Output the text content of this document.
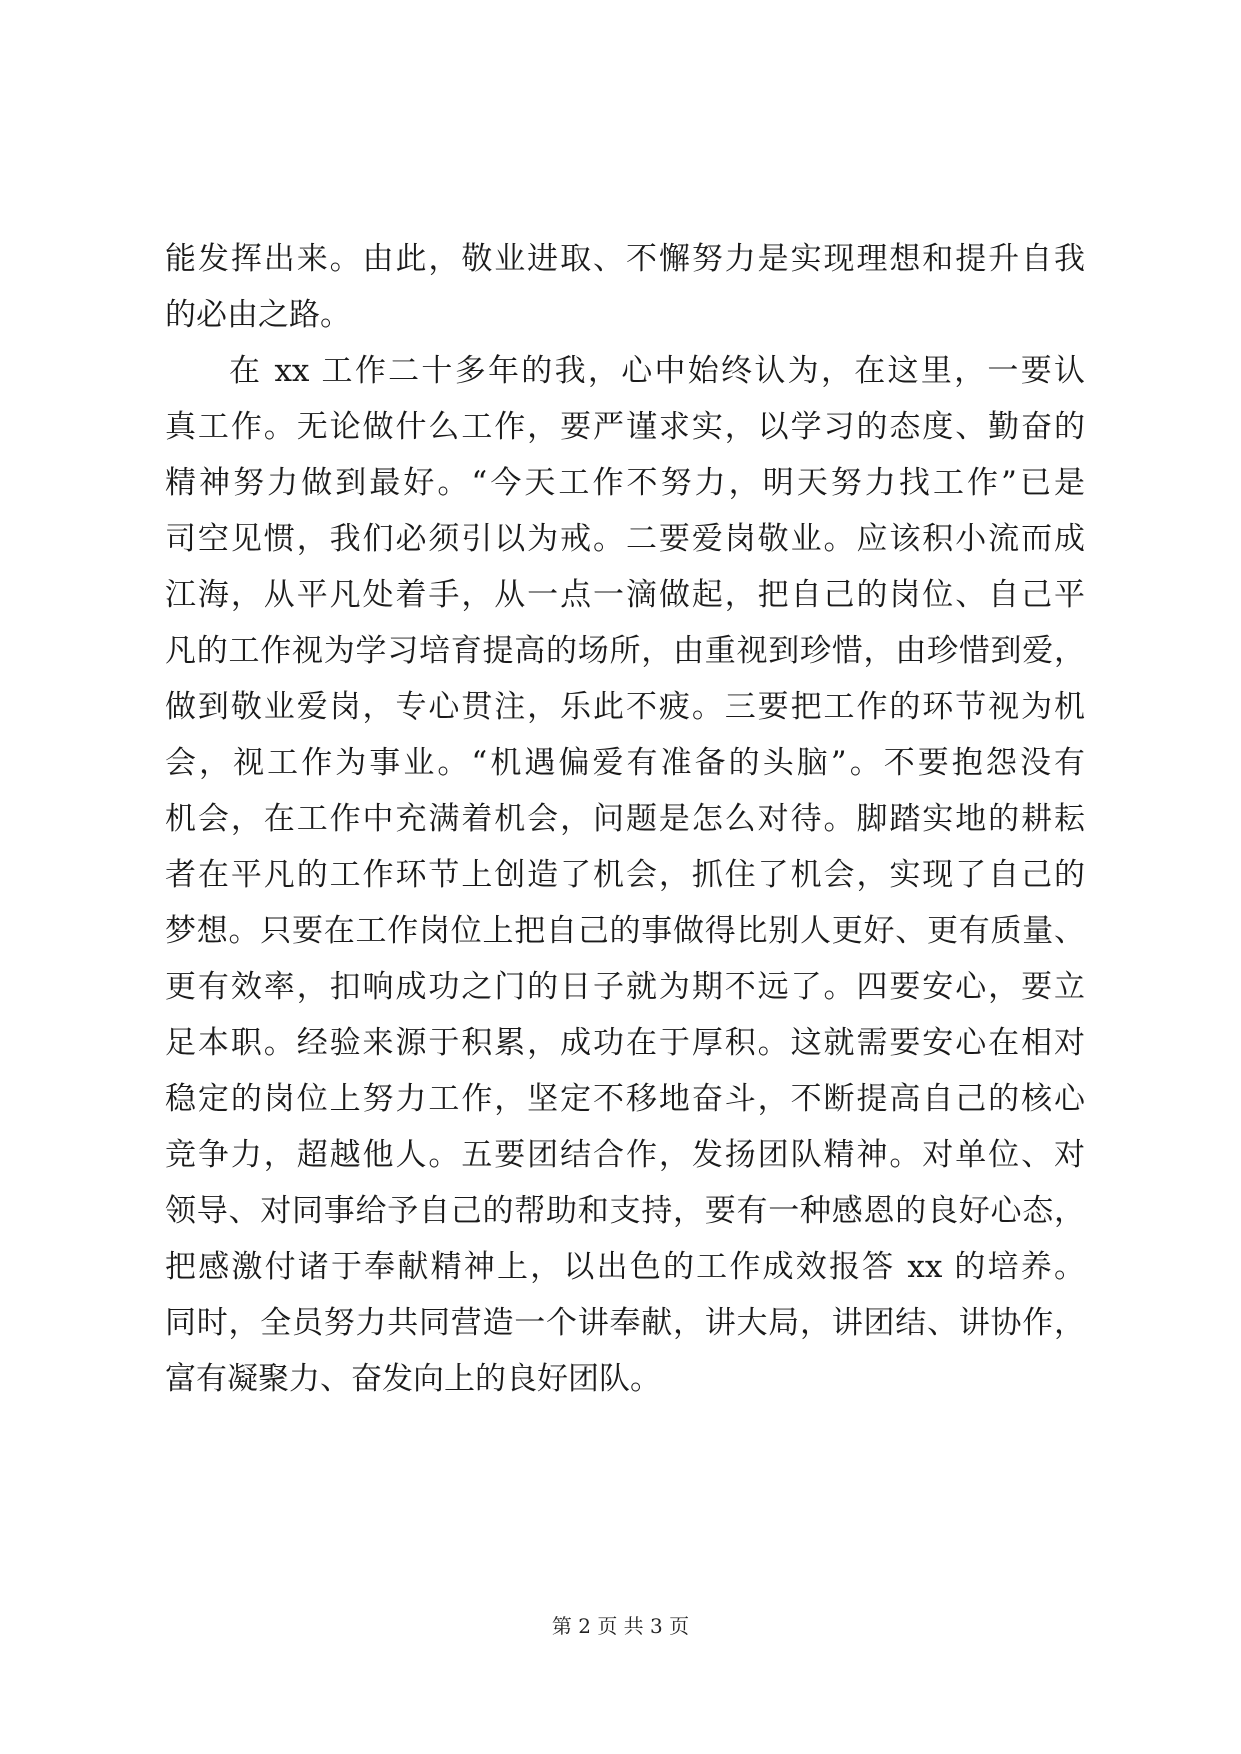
能发挥出来。由此，敬业进取、不懈努力是实现理想和提升自我
的必由之路。
在 xx 工作二十多年的我，心中始终认为，在这里，一要认
真工作。无论做什么工作，要严谨求实，以学习的态度、勤奋的
精神努力做到最好。“今天工作不努力，明天努力找工作”已是
司空见惯，我们必须引以为戒。二要爱岗敬业。应该积小流而成
江海，从平凡处着手，从一点一滴做起，把自己的岗位、自己平
凡的工作视为学习培育提高的场所，由重视到珍惜，由珍惜到爱，
做到敬业爱岗，专心贯注，乐此不疲。三要把工作的环节视为机
会，视工作为事业。“机遇偏爱有准备的头脑”。不要抱怨没有
机会，在工作中充满着机会，问题是怎么对待。脚踏实地的耕耘
者在平凡的工作环节上创造了机会，抓住了机会，实现了自己的
梦想。只要在工作岗位上把自己的事做得比别人更好、更有质量、
更有效率，扣响成功之门的日子就为期不远了。四要安心，要立
足本职。经验来源于积累，成功在于厚积。这就需要安心在相对
稳定的岗位上努力工作，坚定不移地奋斗，不断提高自己的核心
竞争力，超越他人。五要团结合作，发扬团队精神。对单位、对
领导、对同事给予自己的帮助和支持，要有一种感恩的良好心态，
把感激付诸于奉献精神上，以出色的工作成效报答 xx 的培养。
同时，全员努力共同营造一个讲奉献，讲大局，讲团结、讲协作，
富有凝聚力、奋发向上的良好团队。
第 2 页 共 3 页
